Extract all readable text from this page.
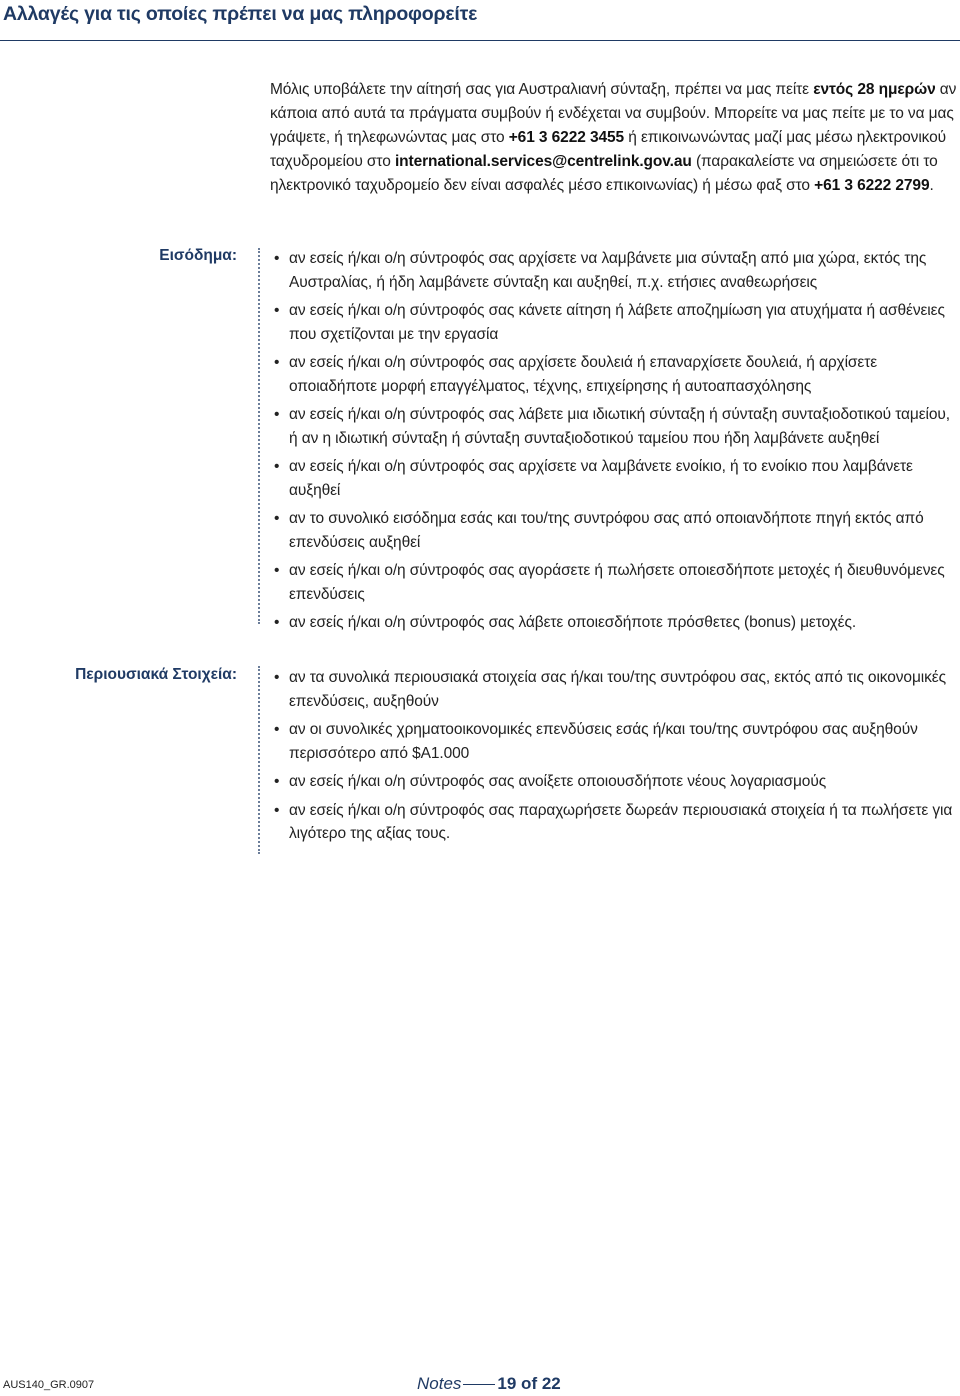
Αλλαγές για τις οποίες πρέπει να μας πληροφορείτε
Μόλις υποβάλετε την αίτησή σας για Αυστραλιανή σύνταξη, πρέπει να μας πείτε εντός 28 ημερών αν κάποια από αυτά τα πράγματα συμβούν ή ενδέχεται να συμβούν. Μπορείτε να μας πείτε με το να μας γράψετε, ή τηλεφωνώντας μας στο +61 3 6222 3455 ή επικοινωνώντας μαζί μας μέσω ηλεκτρονικού ταχυδρομείου στο international.services@centrelink.gov.au (παρακαλείστε να σημειώσετε ότι το ηλεκτρονικό ταχυδρομείο δεν είναι ασφαλές μέσο επικοινωνίας) ή μέσω φαξ στο +61 3 6222 2799.
Εισόδημα:	• αν εσείς ή/και ο/η σύντροφός σας αρχίσετε να λαμβάνετε μια σύνταξη από μια χώρα, εκτός της Αυστραλίας, ή ήδη λαμβάνετε σύνταξη και αυξηθεί, π.χ. ετήσιες αναθεωρήσεις
• αν εσείς ή/και ο/η σύντροφός σας κάνετε αίτηση ή λάβετε αποζημίωση για ατυχήματα ή ασθένειες που σχετίζονται με την εργασία
• αν εσείς ή/και ο/η σύντροφός σας αρχίσετε δουλειά ή επαναρχίσετε δουλειά, ή αρχίσετε οποιαδήποτε μορφή επαγγέλματος, τέχνης, επιχείρησης ή αυτοαπασχόλησης
• αν εσείς ή/και ο/η σύντροφός σας λάβετε μια ιδιωτική σύνταξη ή σύνταξη συνταξιοδοτικού ταμείου, ή αν η ιδιωτική σύνταξη ή σύνταξη συνταξιοδοτικού ταμείου που ήδη λαμβάνετε αυξηθεί
• αν εσείς ή/και ο/η σύντροφός σας αρχίσετε να λαμβάνετε ενοίκιο, ή το ενοίκιο που λαμβάνετε αυξηθεί
• αν το συνολικό εισόδημα εσάς και του/της συντρόφου σας από οποιανδήποτε πηγή εκτός από επενδύσεις αυξηθεί
• αν εσείς ή/και ο/η σύντροφός σας αγοράσετε ή πωλήσετε οποιεσδήποτε μετοχές ή διευθυνόμενες επενδύσεις
• αν εσείς ή/και ο/η σύντροφός σας λάβετε οποιεσδήποτε πρόσθετες (bonus) μετοχές.
Περιουσιακά Στοιχεία:	• αν τα συνολικά περιουσιακά στοιχεία σας ή/και του/της συντρόφου σας, εκτός από τις οικονομικές επενδύσεις, αυξηθούν
• αν οι συνολικές χρηματοοικονομικές επενδύσεις εσάς ή/και του/της συντρόφου σας αυξηθούν περισσότερο από $A1.000
• αν εσείς ή/και ο/η σύντροφός σας ανοίξετε οποιουσδήποτε νέους λογαριασμούς
• αν εσείς ή/και ο/η σύντροφός σας παραχωρήσετε δωρεάν περιουσιακά στοιχεία ή τα πωλήσετε για λιγότερο της αξίας τους.
AUS140_GR.0907	Notes 19 of 22
